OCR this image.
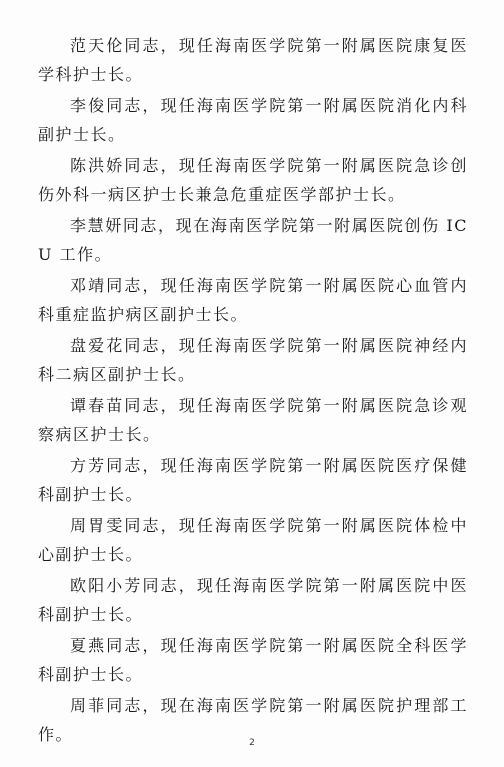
范天伦同志，现任海南医学院第一附属医院康复医学科护士长。

李俊同志，现任海南医学院第一附属医院消化内科副护士长。

陈洪娇同志，现任海南医学院第一附属医院急诊创伤外科一病区护士长兼急危重症医学部护士长。

李慧妍同志，现在海南医学院第一附属医院创伤 ICU 工作。

邓靖同志，现任海南医学院第一附属医院心血管内科重症监护病区副护士长。

盘爱花同志，现任海南医学院第一附属医院神经内科二病区副护士长。

谭春苗同志，现任海南医学院第一附属医院急诊观察病区护士长。

方芳同志，现任海南医学院第一附属医院医疗保健科副护士长。

周胃雯同志，现任海南医学院第一附属医院体检中心副护士长。

欧阳小芳同志，现任海南医学院第一附属医院中医科副护士长。

夏燕同志，现任海南医学院第一附属医院全科医学科副护士长。

周菲同志，现在海南医学院第一附属医院护理部工作。	2
